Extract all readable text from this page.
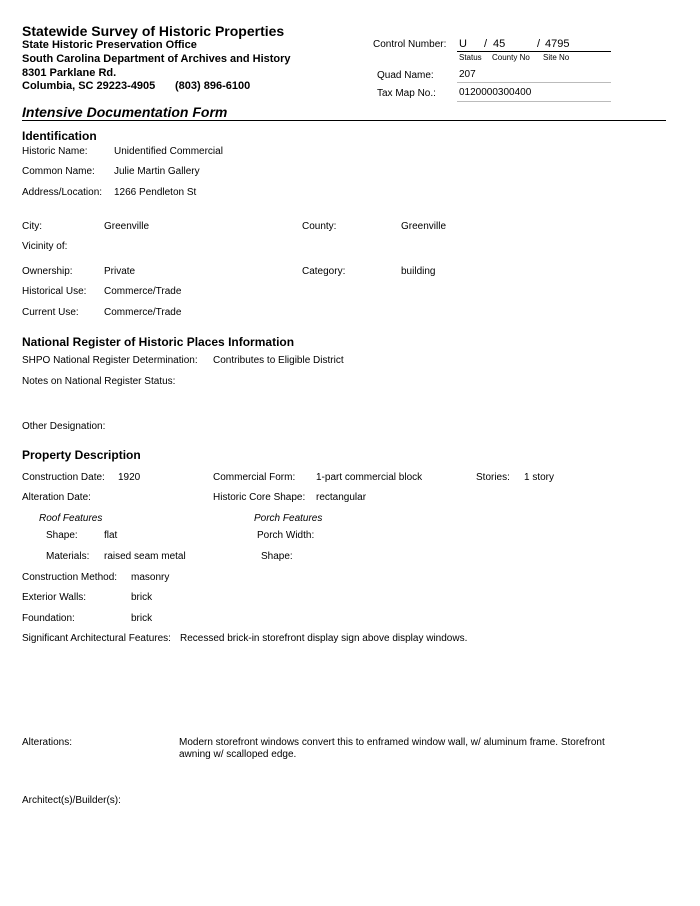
Statewide Survey of Historic Properties
State Historic Preservation Office
South Carolina Department of Archives and History
8301 Parklane Rd.
Columbia, SC 29223-4905 (803) 896-6100
Control Number: U / 45	/ 4795
Status County No Site No
Quad Name:	207
Tax Map No.: 0120000300400
Intensive Documentation Form
Identification
Historic Name:	Unidentified Commercial
Common Name: Julie Martin Gallery
Address/Location: 1266 Pendleton St
City:	Greenville	County:	Greenville
Vicinity of:
Ownership:	Private	Category:	building
Historical Use: Commerce/Trade
Current Use:	Commerce/Trade
National Register of Historic Places Information
SHPO National Register Determination: Contributes to Eligible District
Notes on National Register Status:
Other Designation:
Property Description
Construction Date: 1920	Commercial Form: 1-part commercial block	Stories: 1 story
Alteration Date:	Historic Core Shape: rectangular
Roof Features	Porch Features
Shape:	flat	Porch Width:
Materials: raised seam metal	Shape:
Construction Method: masonry
Exterior Walls:	brick
Foundation:	brick
Significant Architectural Features: Recessed brick-in storefront display sign above display windows.
Alterations:	Modern storefront windows convert this to enframed window wall, w/ aluminum frame. Storefront awning w/ scalloped edge.
Architect(s)/Builder(s):
